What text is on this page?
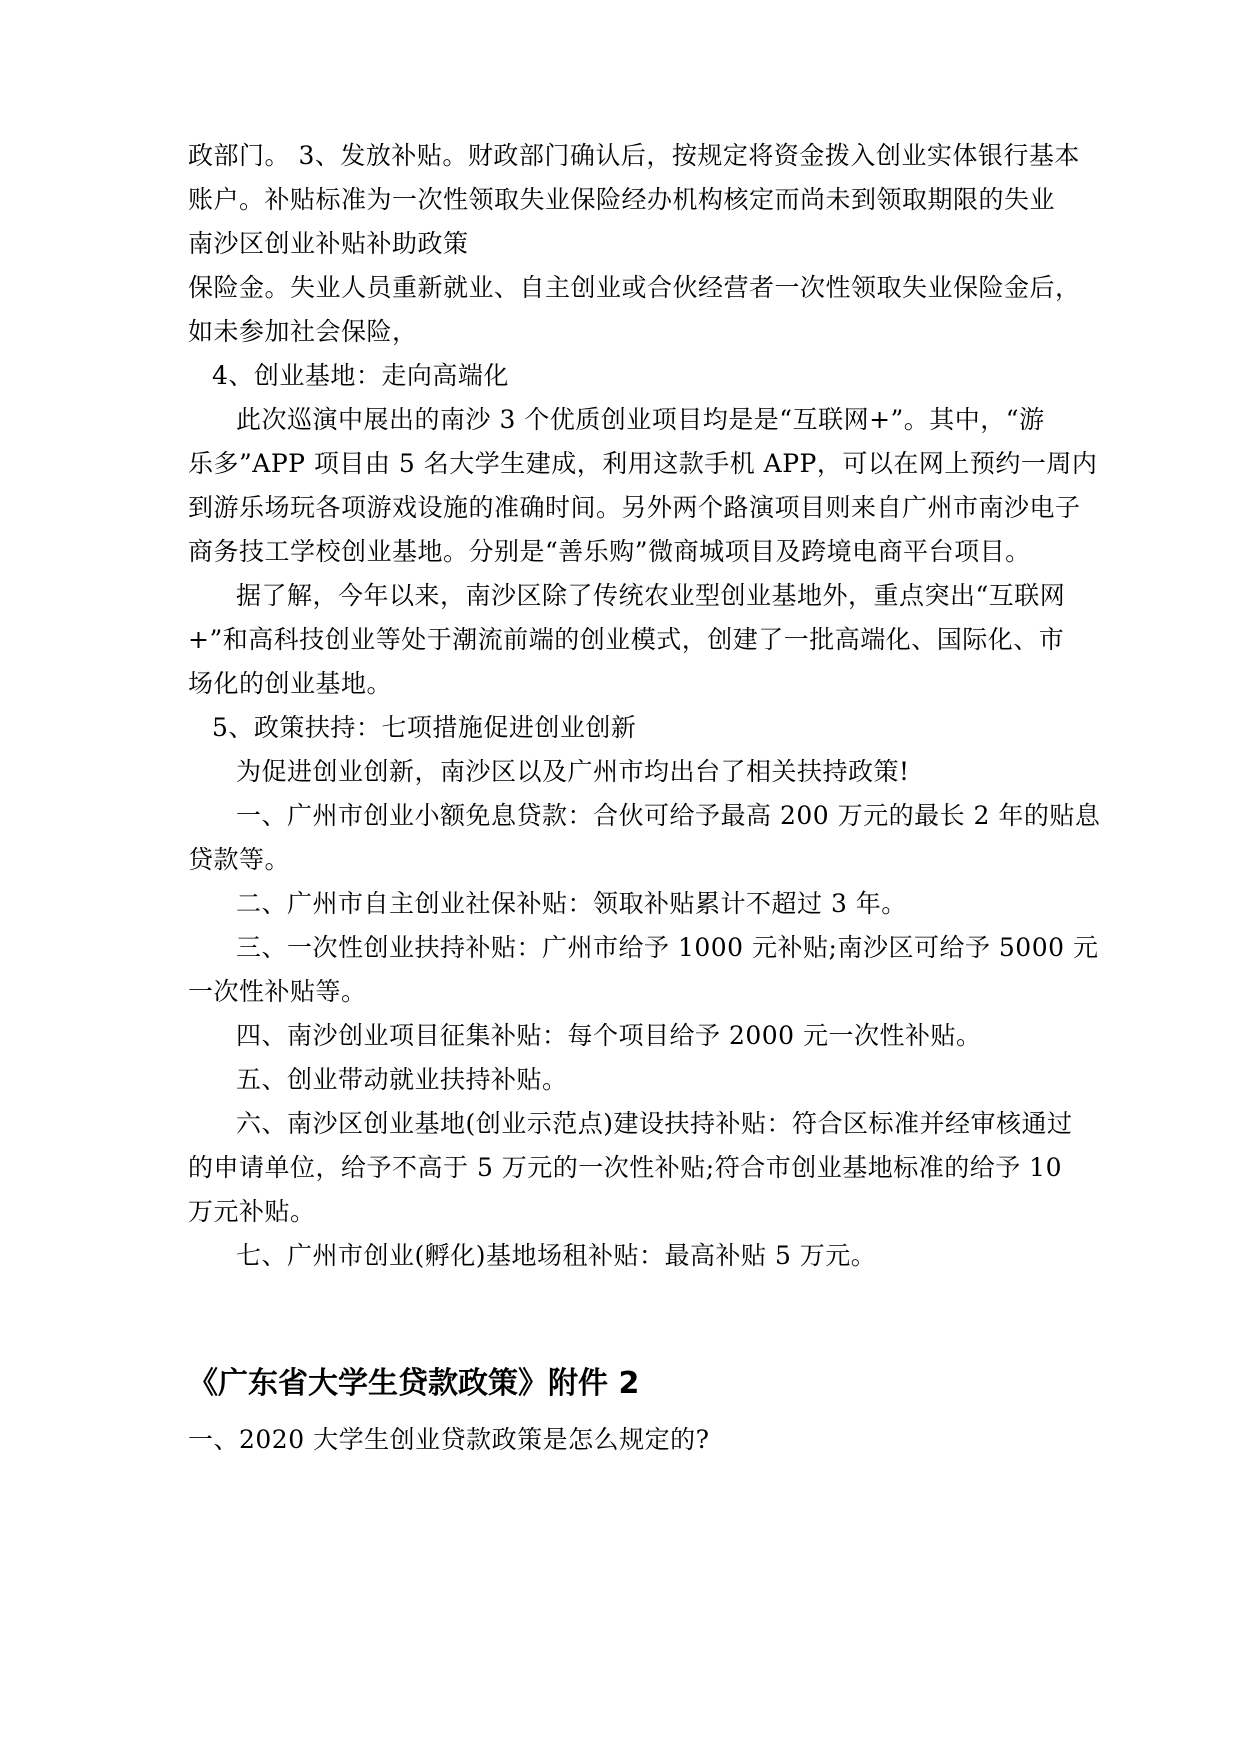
政部门。 3、发放补贴。财政部门确认后，按规定将资金拨入创业实体银行基本
账户。补贴标准为一次性领取失业保险经办机构核定而尚未到领取期限的失业
南沙区创业补贴补助政策
保险金。失业人员重新就业、自主创业或合伙经营者一次性领取失业保险金后，
如未参加社会保险，
4、创业基地：走向高端化
此次巡演中展出的南沙 3 个优质创业项目均是是“互联网+”。其中，“游
乐多”APP 项目由 5 名大学生建成，利用这款手机 APP，可以在网上预约一周内
到游乐场玩各项游戏设施的准确时间。另外两个路演项目则来自广州市南沙电子
商务技工学校创业基地。分别是“善乐购”微商城项目及跨境电商平台项目。
据了解，今年以来，南沙区除了传统农业型创业基地外，重点突出“互联网
+”和高科技创业等处于潮流前端的创业模式，创建了一批高端化、国际化、市
场化的创业基地。
5、政策扶持：七项措施促进创业创新
为促进创业创新，南沙区以及广州市均出台了相关扶持政策!
一、广州市创业小额免息贷款：合伙可给予最高 200 万元的最长 2 年的贴息
贷款等。
二、广州市自主创业社保补贴：领取补贴累计不超过 3 年。
三、一次性创业扶持补贴：广州市给予 1000 元补贴;南沙区可给予 5000 元
一次性补贴等。
四、南沙创业项目征集补贴：每个项目给予 2000 元一次性补贴。
五、创业带动就业扶持补贴。
六、南沙区创业基地(创业示范点)建设扶持补贴：符合区标准并经审核通过
的申请单位，给予不高于 5 万元的一次性补贴;符合市创业基地标准的给予 10
万元补贴。
七、广州市创业(孵化)基地场租补贴：最高补贴 5 万元。
《广东省大学生贷款政策》附件 2
一、2020 大学生创业贷款政策是怎么规定的?
